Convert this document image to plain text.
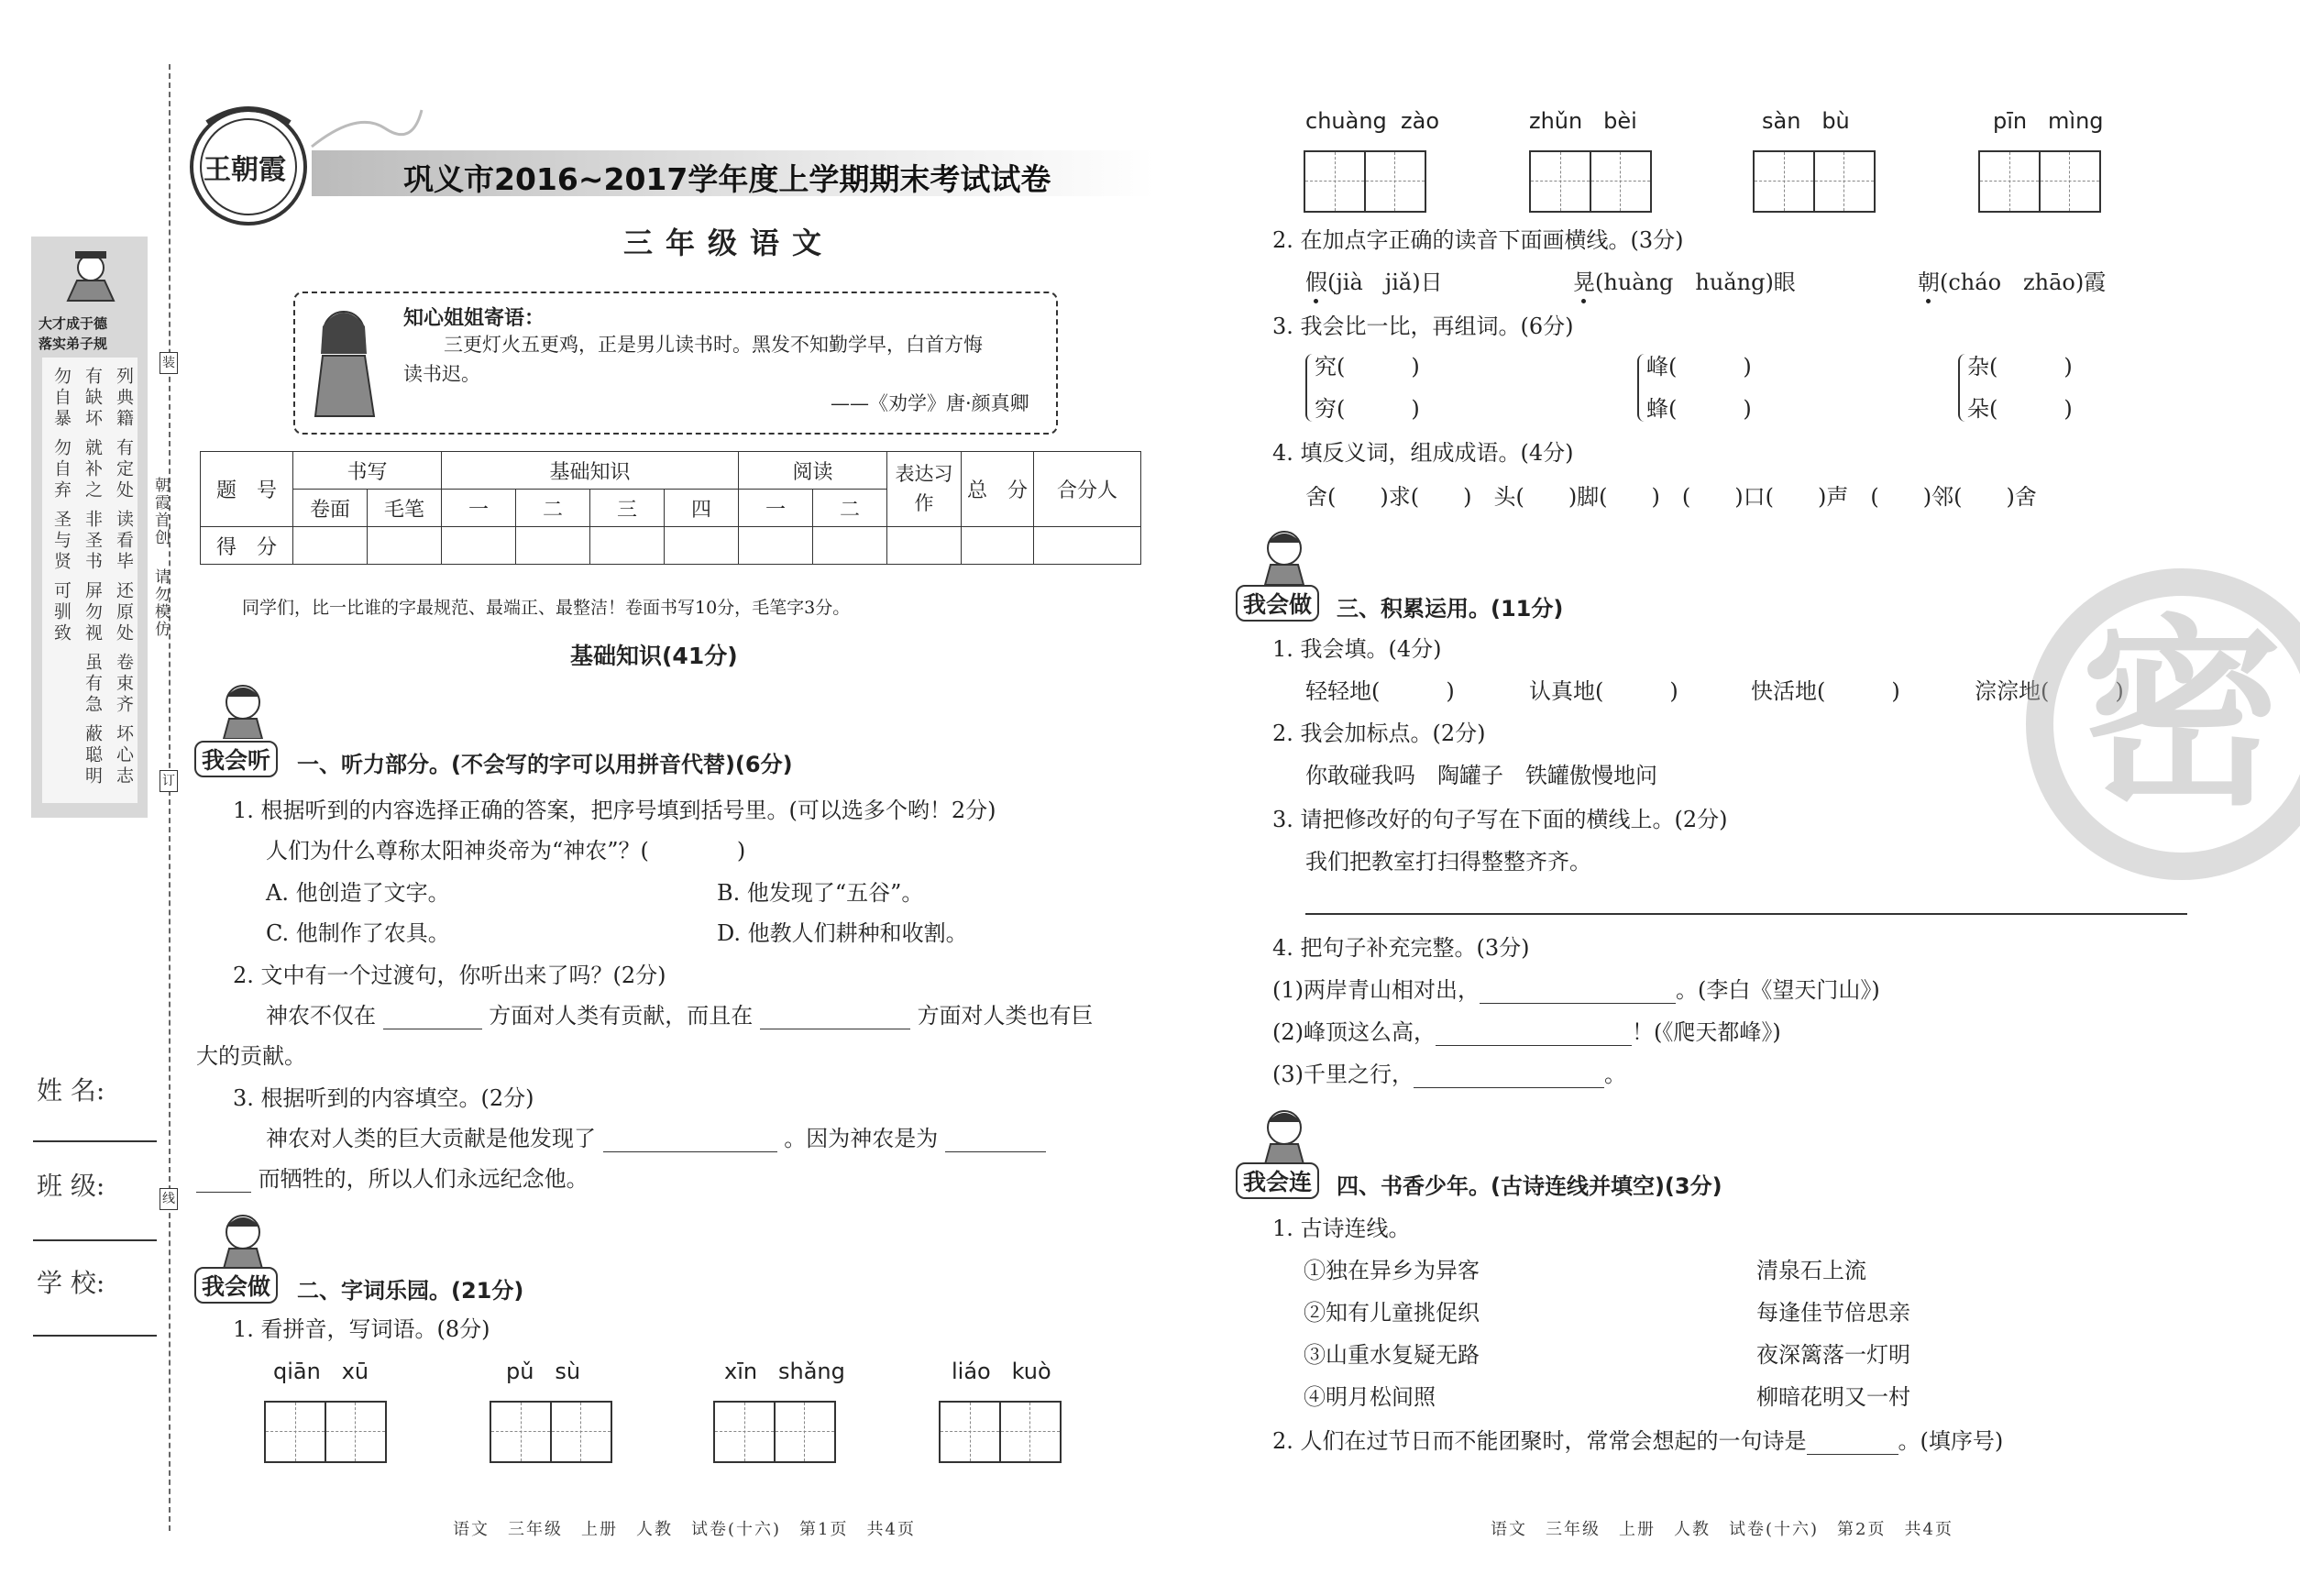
大才成于德
落实弟子规
列典籍
有缺坏
勿自暴
有定处
就补之
勿自弃
读看毕
非圣书
圣与贤
还原处
屏勿视
可驯致
卷束齐
虽有急
蔽聪明 坏心志
装
订
线
朝霞首创
请勿模仿
姓 名:
班 级:
学 校:
王朝霞	巩义市2016~2017学年度上学期期末考试试卷
三年级语文
知心姐姐寄语：
三更灯火五更鸡，正是男儿读书时。黑发不知勤学早，白首方悔
读书迟。
——《劝学》唐·颜真卿
题　号	书写		基础知识				阅读		表达习作	总　分	合分人
	卷面	毛笔	一	二	三	四	一	二			
得　分											
同学们，比一比谁的字最规范、最端正、最整洁！卷面书写10分，毛笔字3分。
基础知识(41分)
我会听	一、听力部分。(不会写的字可以用拼音代替)(6分)
1. 根据听到的内容选择正确的答案，把序号填到括号里。(可以选多个哟！2分)
人们为什么尊称太阳神炎帝为“神农”？(　　　　)
A. 他创造了文字。	B. 他发现了“五谷”。
C. 他制作了农具。	D. 他教人们耕种和收割。
2. 文中有一个过渡句，你听出来了吗？(2分)
神农不仅在	方面对人类有贡献，而且在	方面对人类也有巨
大的贡献。
3. 根据听到的内容填空。(2分)
神农对人类的巨大贡献是他发现了	。因为神农是为
而牺牲的，所以人们永远纪念他。
我会做	二、字词乐园。(21分)
1. 看拼音，写词语。(8分)
qiān xū	pǔ sù	xīn shǎng	liáo kuò
语文　三年级　上册　人教　试卷(十六)　第1页　共4页
chuàng zào	zhǔn bèi	sàn bù	pīn mìng
2. 在加点字正确的读音下面画横线。(3分)
假(jià　jiǎ)日	晃(huàng　huǎng)眼	朝(cháo　zhāo)霞
3. 我会比一比，再组词。(6分)
究(　　　)
穷(　　　)
峰(　　　)
蜂(　　　)
杂(　　　)
朵(　　　)
4. 填反义词，组成成语。(4分)
舍(　　)求(　　)　头(　　)脚(　　)　(　　)口(　　)声　(　　)邻(　　)舍
我会做	三、积累运用。(11分)
1. 我会填。(4分)
轻轻地(　　　)	认真地(　　　)	快活地(　　　)	淙淙地(　　　)
2. 我会加标点。(2分)
你敢碰我吗　陶罐子　铁罐傲慢地问
3. 请把修改好的句子写在下面的横线上。(2分)
我们把教室打扫得整整齐齐。
4. 把句子补充完整。(3分)
(1)两岸青山相对出，	。(李白《望天门山》)
(2)峰顶这么高，	！(《爬天都峰》)
(3)千里之行，	。
我会连	四、书香少年。(古诗连线并填空)(3分)
1. 古诗连线。
①独在异乡为异客
②知有儿童挑促织
③山重水复疑无路
④明月松间照
清泉石上流
每逢佳节倍思亲
夜深篱落一灯明
柳暗花明又一村
2. 人们在过节日而不能团聚时，常常会想起的一句诗是	。(填序号)
语文　三年级　上册　人教　试卷(十六)　第2页　共4页
密
